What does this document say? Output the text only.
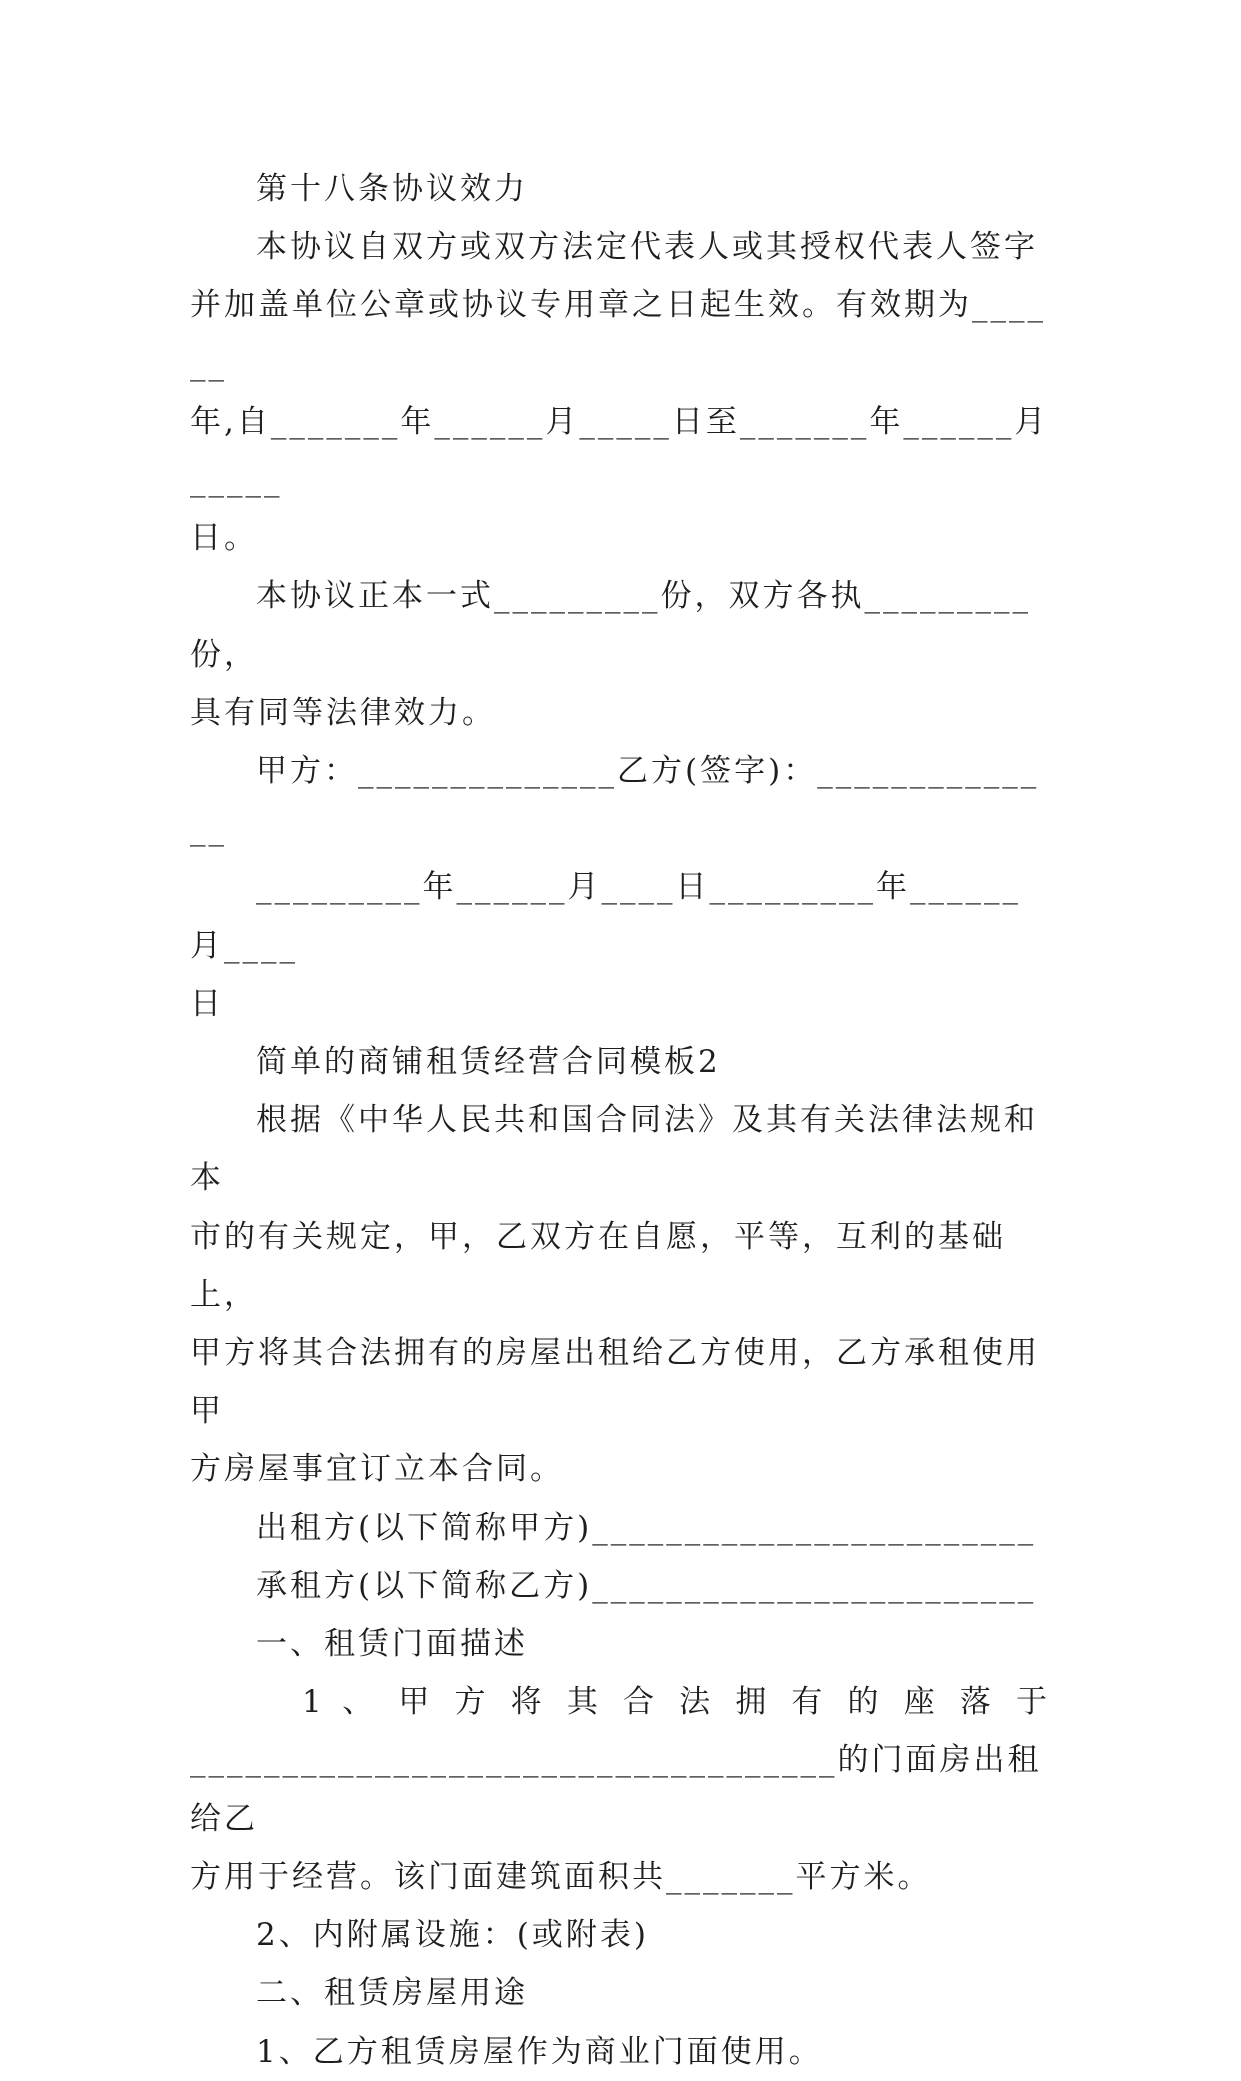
第十八条协议效力

本协议自双方或双方法定代表人或其授权代表人签字

并加盖单位公章或协议专用章之日起生效。有效期为______

年,自_______年______月_____日至_______年______月_____

日。

本协议正本一式_________份，双方各执_________份，

具有同等法律效力。

甲方：______________乙方(签字)：______________

_________年______月____日_________年______月____

日

简单的商铺租赁经营合同模板2

根据《中华人民共和国合同法》及其有关法律法规和本

市的有关规定，甲，乙双方在自愿，平等，互利的基础上，

甲方将其合法拥有的房屋出租给乙方使用，乙方承租使用甲

方房屋事宜订立本合同。

出租方(以下简称甲方)________________________

承租方(以下简称乙方)________________________

一、租赁门面描述

1 、 甲 方 将 其 合 法 拥 有 的 座 落 于

___________________________________的门面房出租给乙

方用于经营。该门面建筑面积共_______平方米。

2、内附属设施：(或附表)

二、租赁房屋用途

1、乙方租赁房屋作为商业门面使用。
